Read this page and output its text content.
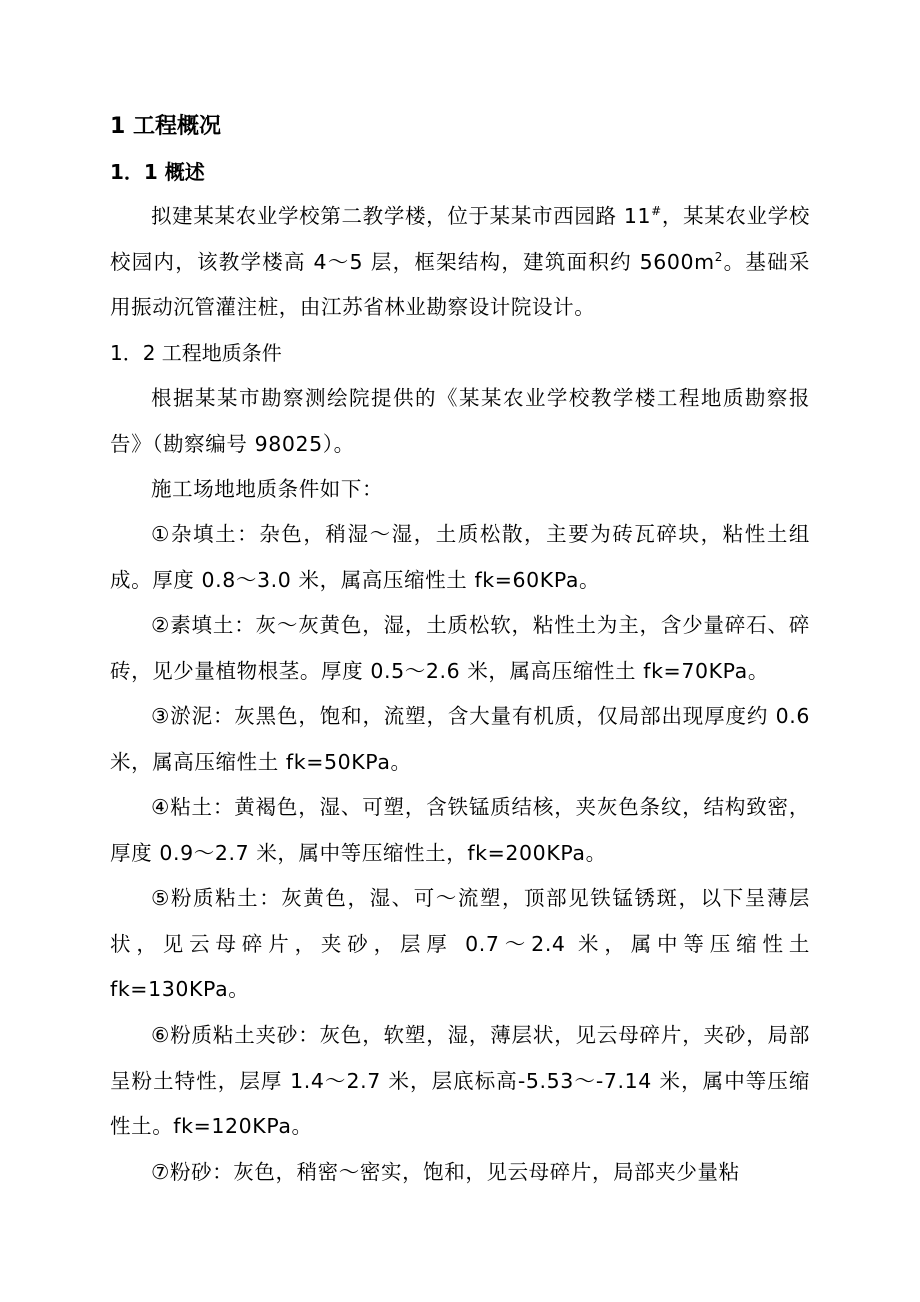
1 工程概况
1．1 概述
拟建某某农业学校第二教学楼，位于某某市西园路 11#，某某农业学校校园内，该教学楼高 4～5 层，框架结构，建筑面积约 $5600m^2$。基础采用振动沉管灌注桩，由江苏省林业勘察设计院设计。
1．2 工程地质条件
根据某某市勘察测绘院提供的《某某农业学校教学楼工程地质勘察报告》（勘察编号 98025）。
施工场地地质条件如下：
①杂填土：杂色，稍湿～湿，土质松散，主要为砖瓦碎块，粘性土组成。厚度 0.8～3.0 米，属高压缩性土 fk=60KPa。
②素填土：灰～灰黄色，湿，土质松软，粘性土为主，含少量碎石、碎砖，见少量植物根茎。厚度 0.5～2.6 米，属高压缩性土 fk=70KPa。
③淤泥：灰黑色，饱和，流塑，含大量有机质，仅局部出现厚度约 0.6 米，属高压缩性土 fk=50KPa。
④粘土：黄褐色，湿、可塑，含铁锰质结核，夹灰色条纹，结构致密，厚度 0.9～2.7 米，属中等压缩性土，fk=200KPa。
⑤粉质粘土：灰黄色，湿、可～流塑，顶部见铁锰锈斑，以下呈薄层状，见云母碎片，夹砂，层厚 0.7～2.4 米，属中等压缩性土 fk=130KPa。
⑥粉质粘土夹砂：灰色，软塑，湿，薄层状，见云母碎片，夹砂，局部呈粉土特性，层厚 1.4～2.7 米，层底标高-5.53～-7.14 米，属中等压缩性土。fk=120KPa。
⑦粉砂：灰色，稍密～密实，饱和，见云母碎片，局部夹少量粘
